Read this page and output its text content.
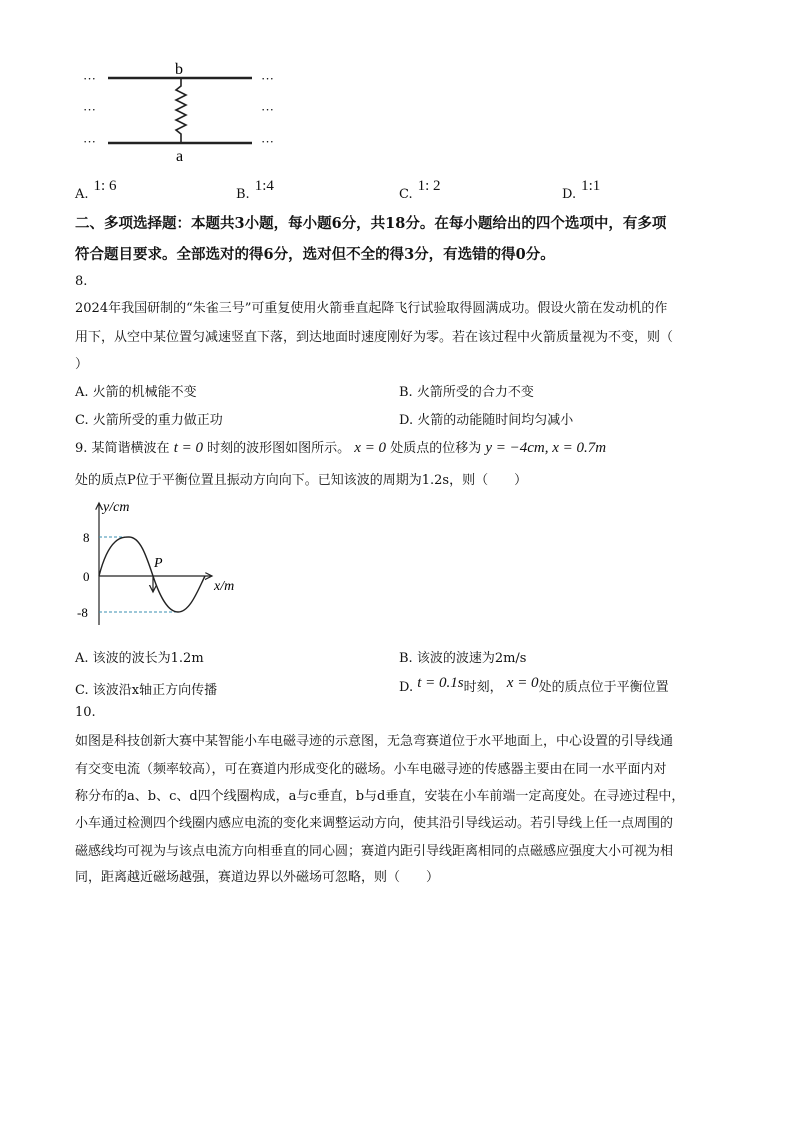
···
···
···
···
···
···
b
a
A.1: 6
B.1:4
C.1: 2
D.1:1
二、多项选择题：本题共3小题，每小题6分，共18分。在每小题给出的四个选项中，有多项
符合题目要求。全部选对的得6分，选对但不全的得3分，有选错的得0分。
8.
2024年我国研制的“朱雀三号”可重复使用火箭垂直起降飞行试验取得圆满成功。假设火箭在发动机的作
用下，从空中某位置匀减速竖直下落，到达地面时速度刚好为零。若在该过程中火箭质量视为不变，则（
）
A. 火箭的机械能不变	B. 火箭所受的合力不变
C. 火箭所受的重力做正功	D. 火箭的动能随时间均匀减小
9. 某简谐横波在 t = 0 时刻的波形图如图所示。 x = 0 处质点的位移为 y = −4cm, x = 0.7m
处的质点P位于平衡位置且振动方向向下。已知该波的周期为1.2s，则（　　）
y/cm
x/m
8
0
-8
P
A. 该波的波长为1.2m	B. 该波的波速为2m/s
C. 该波沿x轴正方向传播	D. t = 0.1s时刻， x = 0处的质点位于平衡位置
10.
如图是科技创新大赛中某智能小车电磁寻迹的示意图，无急弯赛道位于水平地面上，中心设置的引导线通
有交变电流（频率较高），可在赛道内形成变化的磁场。小车电磁寻迹的传感器主要由在同一水平面内对
称分布的a、b、c、d四个线圈构成，a与c垂直，b与d垂直，安装在小车前端一定高度处。在寻迹过程中，
小车通过检测四个线圈内感应电流的变化来调整运动方向，使其沿引导线运动。若引导线上任一点周围的
磁感线均可视为与该点电流方向相垂直的同心圆；赛道内距引导线距离相同的点磁感应强度大小可视为相
同，距离越近磁场越强，赛道边界以外磁场可忽略，则（　　）
